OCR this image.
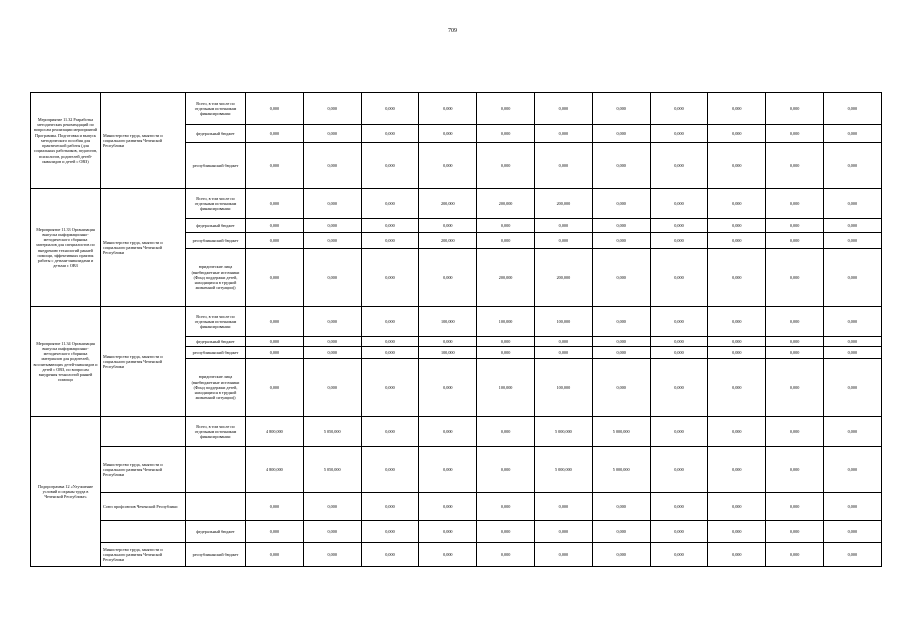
709
Мероприятие 11.32 Разработка методических рекомендаций по вопросам реализации мероприятий Программы. Подготовка и выпуск методического пособия для практической работы (для социальных работников, педагогов, психологов, родителей детей-инвалидов и детей с ОВЗ)	Министерство труда, занятости и социального развития Чеченской Республики	Всего, в том числе по отдельным источникам финансирования:	0,000	0,000	0,000	0,000	0,000	0,000	0,000	0,000	0,000	0,000	0,000
		федеральный бюджет	0,000	0,000	0,000	0,000	0,000	0,000	0,000	0,000	0,000	0,000	0,000
		республиканский бюджет	0,000	0,000	0,000	0,000	0,000	0,000	0,000	0,000	0,000	0,000	0,000
Мероприятие 11.33 Организация выпуска информационно-методического сборника материалов для специалистов по внедрению технологий ранней помощи, эффективных практик работы с детьми-инвалидами и детьми с ОВЗ	Министерство труда, занятости и социального развития Чеченской Республики	Всего, в том числе по отдельным источникам финансирования:	0,000	0,000	0,000	200,000	200,000	200,000	0,000	0,000	0,000	0,000	0,000
		федеральный бюджет	0,000	0,000	0,000	0,000	0,000	0,000	0,000	0,000	0,000	0,000	0,000
		республиканский бюджет	0,000	0,000	0,000	200,000	0,000	0,000	0,000	0,000	0,000	0,000	0,000
		юридические лица (внебюджетные источники (Фонд поддержки детей, находящихся в трудной жизненной ситуации))	0,000	0,000	0,000	0,000	200,000	200,000	0,000	0,000	0,000	0,000	0,000
Мероприятие 11.34 Организация выпуска информационно-методического сборника материалов для родителей, воспитывающих детей-инвалидов и детей с ОВЗ, по вопросам внедрения технологий ранней помощи	Министерство труда, занятости и социального развития Чеченской Республики	Всего, в том числе по отдельным источникам финансирования:	0,000	0,000	0,000	100,000	100,000	100,000	0,000	0,000	0,000	0,000	0,000
		федеральный бюджет	0,000	0,000	0,000	0,000	0,000	0,000	0,000	0,000	0,000	0,000	0,000
		республиканский бюджет	0,000	0,000	0,000	100,000	0,000	0,000	0,000	0,000	0,000	0,000	0,000
		юридические лица (внебюджетные источники (Фонд поддержки детей, находящихся в трудной жизненной ситуации))	0,000	0,000	0,000	0,000	100,000	100,000	0,000	0,000	0,000	0,000	0,000
Подпрограмма 12 «Улучшение условий и охраны труда в Чеченской Республике»		Всего, в том числе по отдельным источникам финансирования:	4 800,000	5 050,000	0,000	0,000	0,000	5 000,000	5 000,000	0,000	0,000	0,000	0,000
	Министерство труда, занятости и социального развития Чеченской Республики		4 800,000	5 050,000	0,000	0,000	0,000	5 000,000	5 000,000	0,000	0,000	0,000	0,000
	Союз профсоюзов Чеченской Республики		0,000	0,000	0,000	0,000	0,000	0,000	0,000	0,000	0,000	0,000	0,000
		федеральный бюджет	0,000	0,000	0,000	0,000	0,000	0,000	0,000	0,000	0,000	0,000	0,000
	Министерство труда, занятости и социального развития Чеченской Республики	республиканский бюджет	0,000	0,000	0,000	0,000	0,000	0,000	0,000	0,000	0,000	0,000	0,000
